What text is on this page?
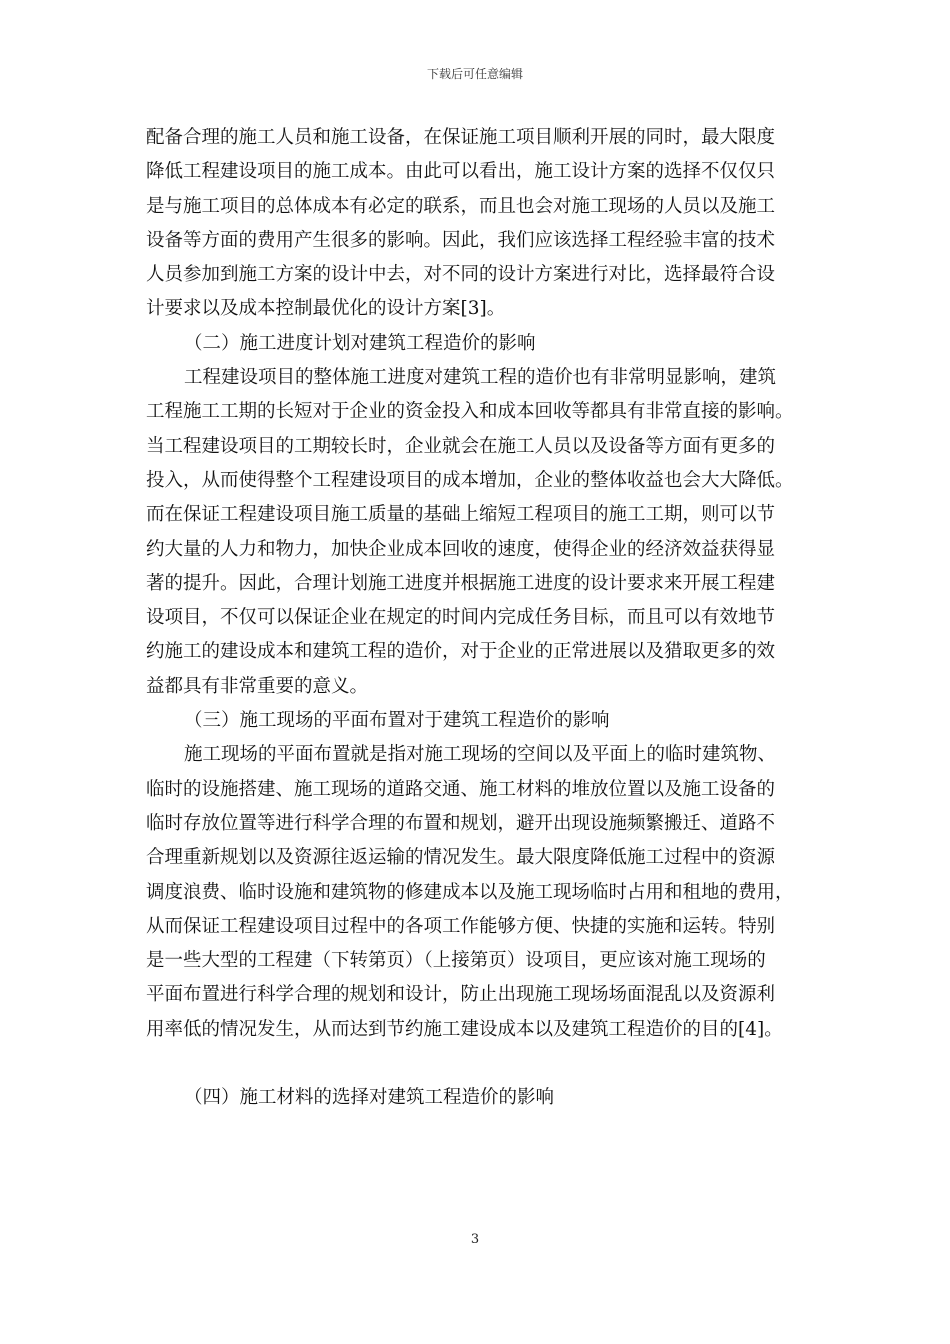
下载后可任意编辑
配备合理的施工人员和施工设备，在保证施工项目顺利开展的同时，最大限度
降低工程建设项目的施工成本。由此可以看出，施工设计方案的选择不仅仅只
是与施工项目的总体成本有必定的联系，而且也会对施工现场的人员以及施工
设备等方面的费用产生很多的影响。因此，我们应该选择工程经验丰富的技术
人员参加到施工方案的设计中去，对不同的设计方案进行对比，选择最符合设
计要求以及成本控制最优化的设计方案[3]。
（二）施工进度计划对建筑工程造价的影响
工程建设项目的整体施工进度对建筑工程的造价也有非常明显影响，建筑
工程施工工期的长短对于企业的资金投入和成本回收等都具有非常直接的影响。
当工程建设项目的工期较长时，企业就会在施工人员以及设备等方面有更多的
投入，从而使得整个工程建设项目的成本增加，企业的整体收益也会大大降低。
而在保证工程建设项目施工质量的基础上缩短工程项目的施工工期，则可以节
约大量的人力和物力，加快企业成本回收的速度，使得企业的经济效益获得显
著的提升。因此，合理计划施工进度并根据施工进度的设计要求来开展工程建
设项目，不仅可以保证企业在规定的时间内完成任务目标，而且可以有效地节
约施工的建设成本和建筑工程的造价，对于企业的正常进展以及猎取更多的效
益都具有非常重要的意义。
（三）施工现场的平面布置对于建筑工程造价的影响
施工现场的平面布置就是指对施工现场的空间以及平面上的临时建筑物、
临时的设施搭建、施工现场的道路交通、施工材料的堆放位置以及施工设备的
临时存放位置等进行科学合理的布置和规划，避开出现设施频繁搬迁、道路不
合理重新规划以及资源往返运输的情况发生。最大限度降低施工过程中的资源
调度浪费、临时设施和建筑物的修建成本以及施工现场临时占用和租地的费用，
从而保证工程建设项目过程中的各项工作能够方便、快捷的实施和运转。特别
是一些大型的工程建（下转第页）（上接第页）设项目，更应该对施工现场的
平面布置进行科学合理的规划和设计，防止出现施工现场场面混乱以及资源利
用率低的情况发生，从而达到节约施工建设成本以及建筑工程造价的目的[4]。
（四）施工材料的选择对建筑工程造价的影响
3
